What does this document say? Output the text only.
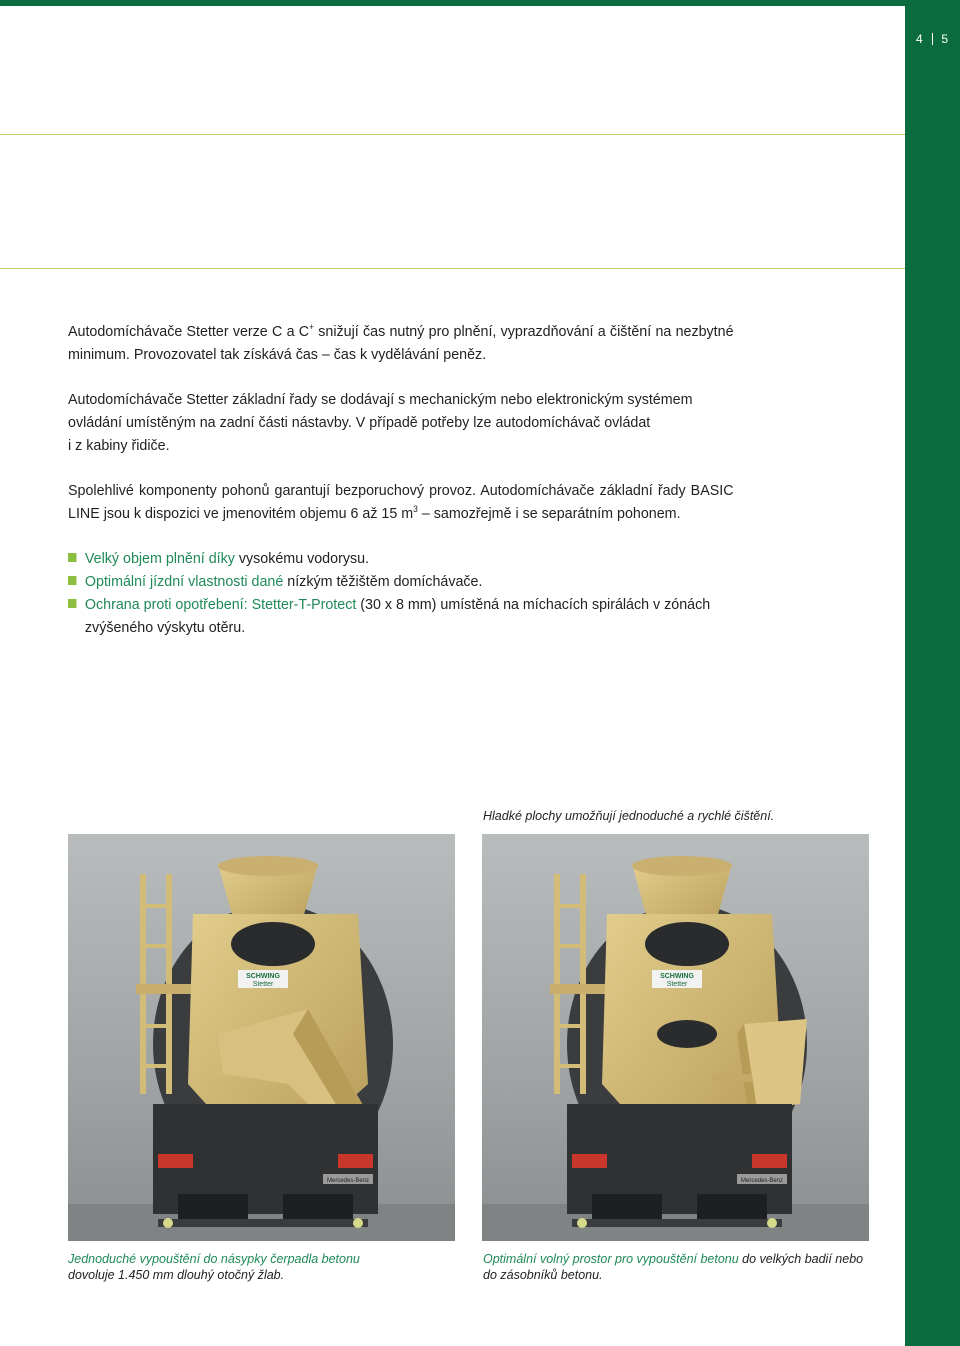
4 5

Autodomíchávače Stetter verze C a C+ snižují čas nutný pro plnění, vyprazdňování a čištění na nezbytné minimum. Provozovatel tak získává čas – čas k vydělávání peněz.

Autodomíchávače Stetter základní řady se dodávají s mechanickým nebo elektronickým systémem ovládání umístěným na zadní části nástavby. V případě potřeby lze autodomíchávač ovládat
i z kabiny řidiče.

Spolehlivé komponenty pohonů garantují bezporuchový provoz. Autodomíchávače základní řady BASIC LINE jsou k dispozici ve jmenovitém objemu 6 až 15 $m^3$ – samozřejmě i se separátním pohonem.

Velký objem plnění díky vysokému vodorysu.
Optimální jízdní vlastnosti dané nízkým těžištěm domíchávače.
Ochrana proti opotřebení: Stetter-T-Protect (30 x 8 mm) umístěná na míchacích spirálách v zónách zvýšeného výskytu otěru.
Hladké plochy umožňují jednoduché a rychlé čištění.
SCHWING
Stetter
Mercedes-Benz
SCHWING
Stetter
Mercedes-Benz
Jednoduché vypouštění do násypky čerpadla betonu dovoluje 1.450 mm dlouhý otočný žlab.
Optimální volný prostor pro vypouštění betonu do velkých badií nebo do zásobníků betonu.
